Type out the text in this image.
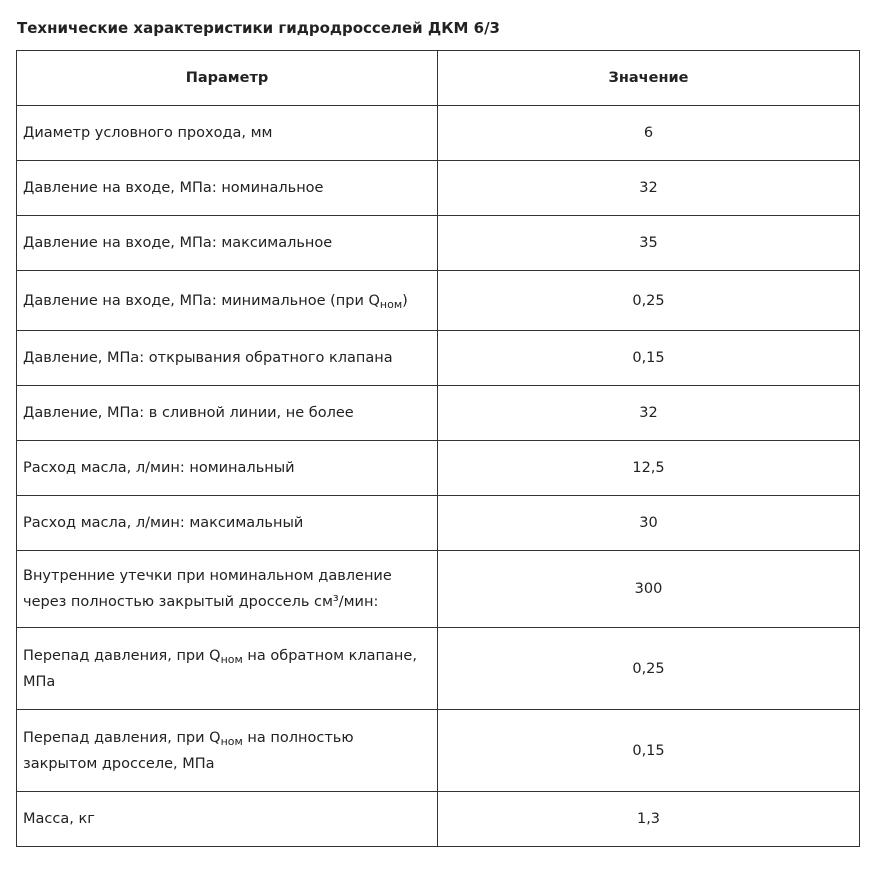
Технические характеристики гидродросселей ДКМ 6/3
Параметр	Значение
Диаметр условного прохода, мм	6
Давление на входе, МПа: номинальное	32
Давление на входе, МПа: максимальное	35
Давление на входе, МПа: минимальное (при $Q_{ном}$)	0,25
Давление, МПа: открывания обратного клапана	0,15
Давление, МПа: в сливной линии, не более	32
Расход масла, л/мин: номинальный	12,5
Расход масла, л/мин: максимальный	30
Внутренние утечки при номинальном давление через полностью закрытый дроссель см³/мин:	300
Перепад давления, при $Q_{ном}$ на обратном клапане, МПа	0,25
Перепад давления, при $Q_{ном}$ на полностью закрытом дросселе, МПа	0,15
Масса, кг	1,3
